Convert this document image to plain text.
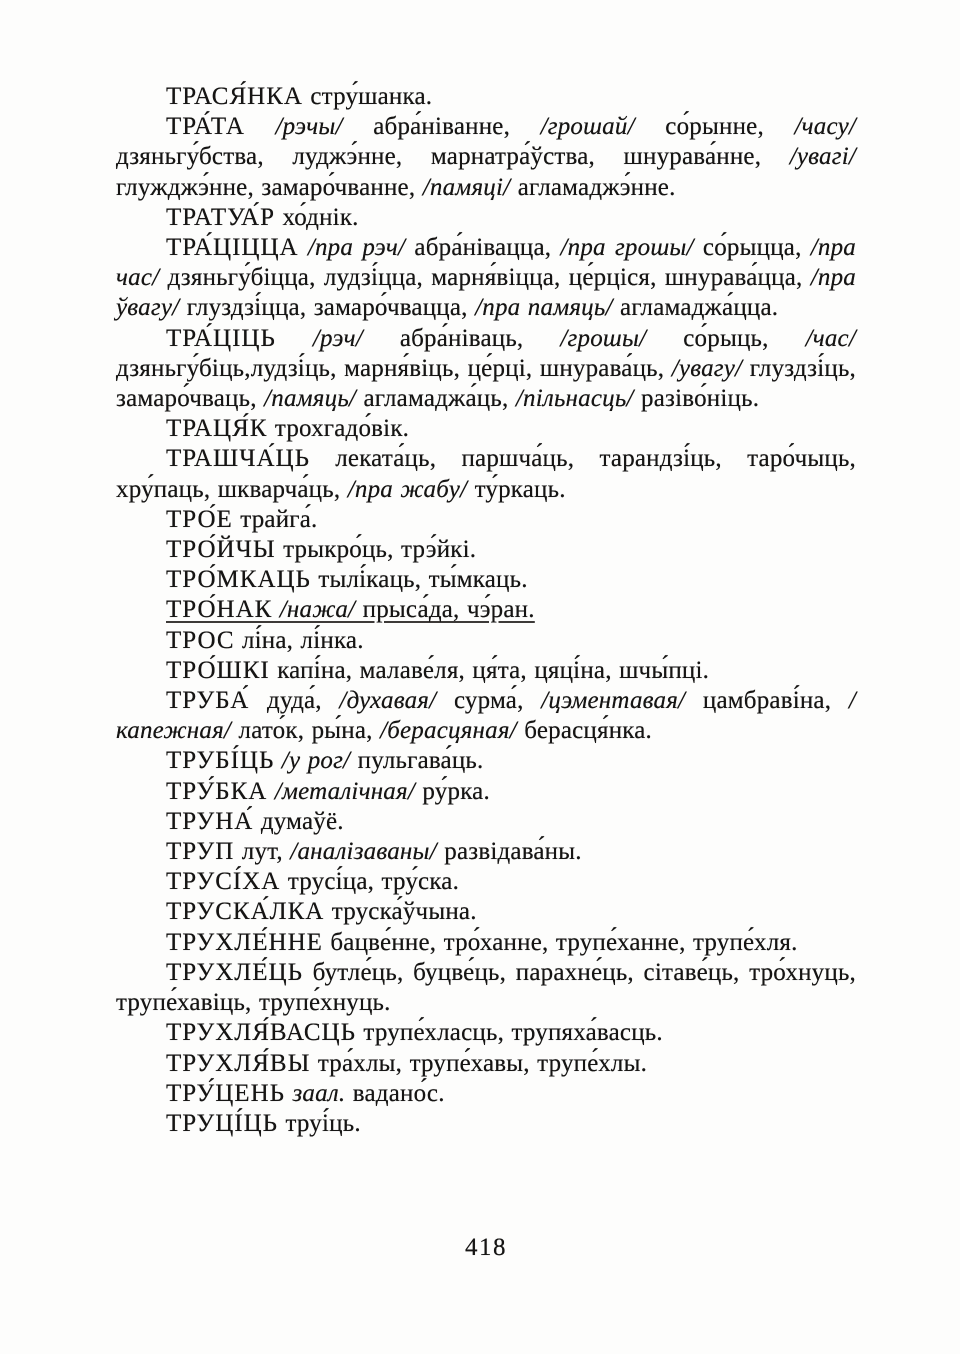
ТРАСЯ́НКА стру́шанка.

ТРА́ТА /рэчы/ абра́ніванне, /грошай/ со́рынне, /часу/ дзяньгу́бства, луджэ́нне, марнатра́ўства, шнурава́нне, /увагі/ глужджэ́нне, замаро́чванне, /памяці/ агламаджэ́нне.

ТРАТУА́Р хо́днік.

ТРА́ЦІЦЦА /пра рэч/ абра́нівацца, /пра грошы/ со́рыцца, /пра час/ дзяньгу́біцца, лудзі́цца, марня́віцца, це́рціся, шнурава́цца, /пра ўвагу/ глуздзі́цца, замаро́чвацца, /пра памяць/ агламаджа́цца.

ТРА́ЦІЦЬ /рэч/ абра́ніваць, /грошы/ со́рыць, /час/ дзяньгу́біць,лудзі́ць, марня́віць, це́рці, шнурава́ць, /увагу/ глуздзі́ць, замаро́чваць, /памяць/ агламаджа́ць, /пільнасць/ разіво́ніць.

ТРАЦЯ́К трохгадо́вік.

ТРАШЧА́ЦЬ леката́ць, паршча́ць, тарандзі́ць, таро́чыць, хру́паць, шкварча́ць, /пра жабу/ ту́ркаць.

ТРО́Е трайга́.

ТРО́ЙЧЫ трыкро́ць, трэ́йкі.

ТРО́МКАЦЬ тылі́каць, ты́мкаць.

ТРО́НАК /нажа/ прыса́да, чэ́ран.

ТРОС лі́на, лі́нка.

ТРО́ШКІ капі́на, малаве́ля, ця́та, цяці́на, шчы́пці.

ТРУБА́ дуда́, /духавая/ сурма́, /цэментавая/ цамбраві́на, /капежная/ лато́к, ры́на, /берасцяная/ берасця́нка.

ТРУБІ́ЦЬ /у рог/ пульгава́ць.

ТРУ́БКА /металічная/ ру́рка.

ТРУНА́ думаўё.

ТРУП лут, /аналізаваны/ развідава́ны.

ТРУСІ́ХА трусі́ца, тру́ска.

ТРУСКА́ЛКА труска́ўчына.

ТРУХЛЕ́ННЕ бацве́нне, тро́ханне, трупе́ханне, трупе́хля.

ТРУХЛЕ́ЦЬ бутле́ць, буцве́ць, парахне́ць, сітаве́ць, тро́хнуць, трупе́хавіць, трупе́хнуць.

ТРУХЛЯ́ВАСЦЬ трупе́хласць, трупяха́васць.

ТРУХЛЯ́ВЫ тра́хлы, трупе́хавы, трупе́хлы.

ТРУ́ЦЕНЬ заал. вадано́с.

ТРУЦІ́ЦЬ труі́ць.

418
